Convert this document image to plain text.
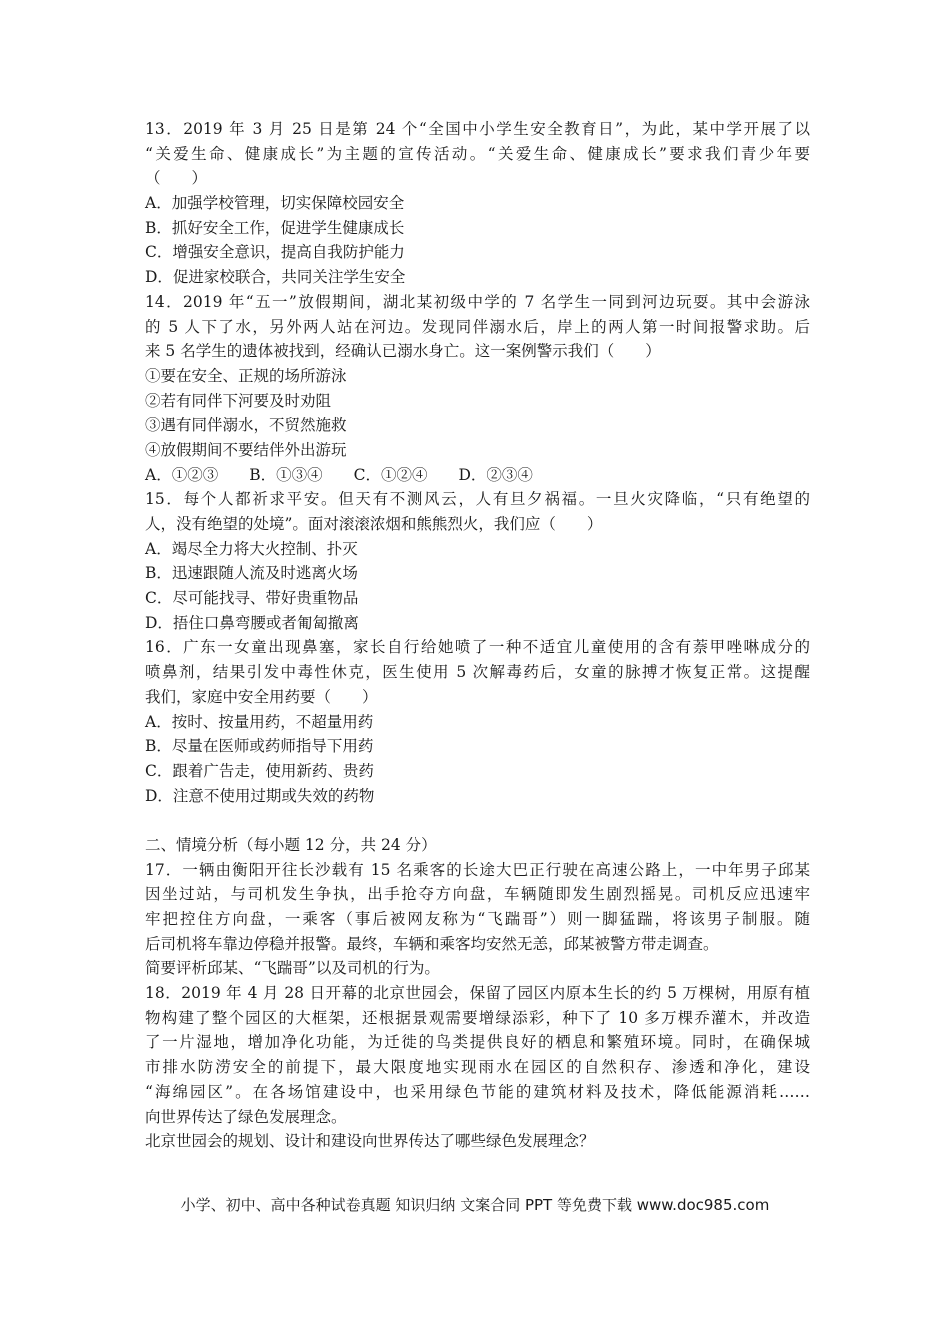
13．2019 年 3 月 25 日是第 24 个“全国中小学生安全教育日”，为此，某中学开展了以
“关爱生命、健康成长”为主题的宣传活动。“关爱生命、健康成长”要求我们青少年要
（　　）
A．加强学校管理，切实保障校园安全
B．抓好安全工作，促进学生健康成长
C．增强安全意识，提高自我防护能力
D．促进家校联合，共同关注学生安全
14．2019 年“五一”放假期间，湖北某初级中学的 7 名学生一同到河边玩耍。其中会游泳
的 5 人下了水，另外两人站在河边。发现同伴溺水后，岸上的两人第一时间报警求助。后
来 5 名学生的遗体被找到，经确认已溺水身亡。这一案例警示我们（　　）
①要在安全、正规的场所游泳
②若有同伴下河要及时劝阻
③遇有同伴溺水，不贸然施救
④放假期间不要结伴外出游玩
A．①②③　　B．①③④　　C．①②④　　D．②③④
15．每个人都祈求平安。但天有不测风云，人有旦夕祸福。一旦火灾降临，“只有绝望的
人，没有绝望的处境”。面对滚滚浓烟和熊熊烈火，我们应（　　）
A．竭尽全力将大火控制、扑灭
B．迅速跟随人流及时逃离火场
C．尽可能找寻、带好贵重物品
D．捂住口鼻弯腰或者匍匐撤离
16．广东一女童出现鼻塞，家长自行给她喷了一种不适宜儿童使用的含有萘甲唑啉成分的
喷鼻剂，结果引发中毒性休克，医生使用 5 次解毒药后，女童的脉搏才恢复正常。这提醒
我们，家庭中安全用药要（　　）
A．按时、按量用药，不超量用药
B．尽量在医师或药师指导下用药
C．跟着广告走，使用新药、贵药
D．注意不使用过期或失效的药物
二、情境分析（每小题 12 分，共 24 分）
17．一辆由衡阳开往长沙载有 15 名乘客的长途大巴正行驶在高速公路上，一中年男子邱某
因坐过站，与司机发生争执，出手抢夺方向盘，车辆随即发生剧烈摇晃。司机反应迅速牢
牢把控住方向盘，一乘客（事后被网友称为“飞踹哥”）则一脚猛踹，将该男子制服。随
后司机将车靠边停稳并报警。最终，车辆和乘客均安然无恙，邱某被警方带走调查。
简要评析邱某、“飞踹哥”以及司机的行为。
18．2019 年 4 月 28 日开幕的北京世园会，保留了园区内原本生长的约 5 万棵树，用原有植
物构建了整个园区的大框架，还根据景观需要增绿添彩，种下了 10 多万棵乔灌木，并改造
了一片湿地，增加净化功能，为迁徙的鸟类提供良好的栖息和繁殖环境。同时，在确保城
市排水防涝安全的前提下，最大限度地实现雨水在园区的自然积存、渗透和净化，建设
“海绵园区”。在各场馆建设中，也采用绿色节能的建筑材料及技术，降低能源消耗……
向世界传达了绿色发展理念。
北京世园会的规划、设计和建设向世界传达了哪些绿色发展理念？
小学、初中、高中各种试卷真题 知识归纳 文案合同 PPT 等免费下载 www.doc985.com
